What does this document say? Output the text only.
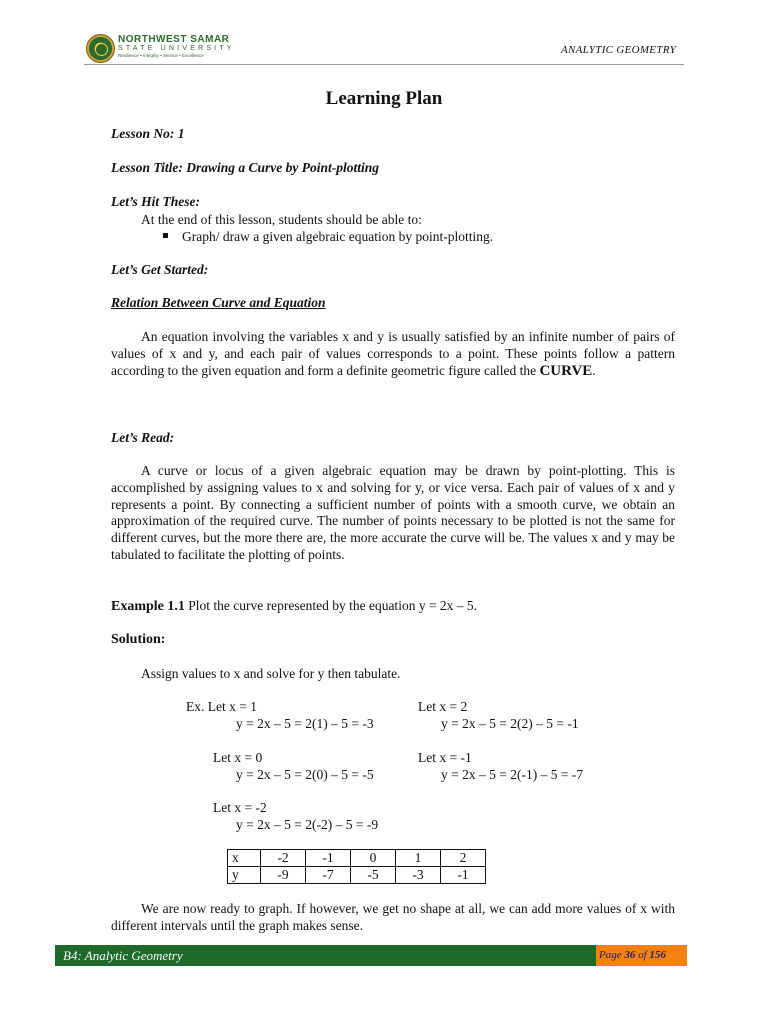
NORTHWEST SAMAR
STATE UNIVERSITY
Resilience • Integrity • Service • Excellence	ANALYTIC GEOMETRY
Learning Plan
Lesson No: 1
Lesson Title: Drawing a Curve by Point-plotting
Let’s Hit These:
At the end of this lesson, students should be able to:
Graph/ draw a given algebraic equation by point-plotting.
Let’s Get Started:
Relation Between Curve and Equation
An equation involving the variables x and y is usually satisfied by an infinite number of pairs of values of x and y, and each pair of values corresponds to a point. These points follow a pattern according to the given equation and form a definite geometric figure called the CURVE.
Let’s Read:
A curve or locus of a given algebraic equation may be drawn by point-plotting. This is accomplished by assigning values to x and solving for y, or vice versa. Each pair of values of x and y represents a point. By connecting a sufficient number of points with a smooth curve, we obtain an approximation of the required curve. The number of points necessary to be plotted is not the same for different curves, but the more there are, the more accurate the curve will be. The values x and y may be tabulated to facilitate the plotting of points.
Example 1.1 Plot the curve represented by the equation y = 2x – 5.
Solution:
Assign values to x and solve for y then tabulate.
Ex. Let x = 1
y = 2x – 5 = 2(1) – 5 = -3
Let x = 2
y = 2x – 5 = 2(2) – 5 = -1
Let x = 0
y = 2x – 5 = 2(0) – 5 = -5
Let x = -1
y = 2x – 5 = 2(-1) – 5 = -7
Let x = -2
y = 2x – 5 = 2(-2) – 5 = -9
x	-2	-1	0	1	2
y	-9	-7	-5	-3	-1
We are now ready to graph. If however, we get no shape at all, we can add more values of x with different intervals until the graph makes sense.
B4: Analytic Geometry	Page 36 of 156
